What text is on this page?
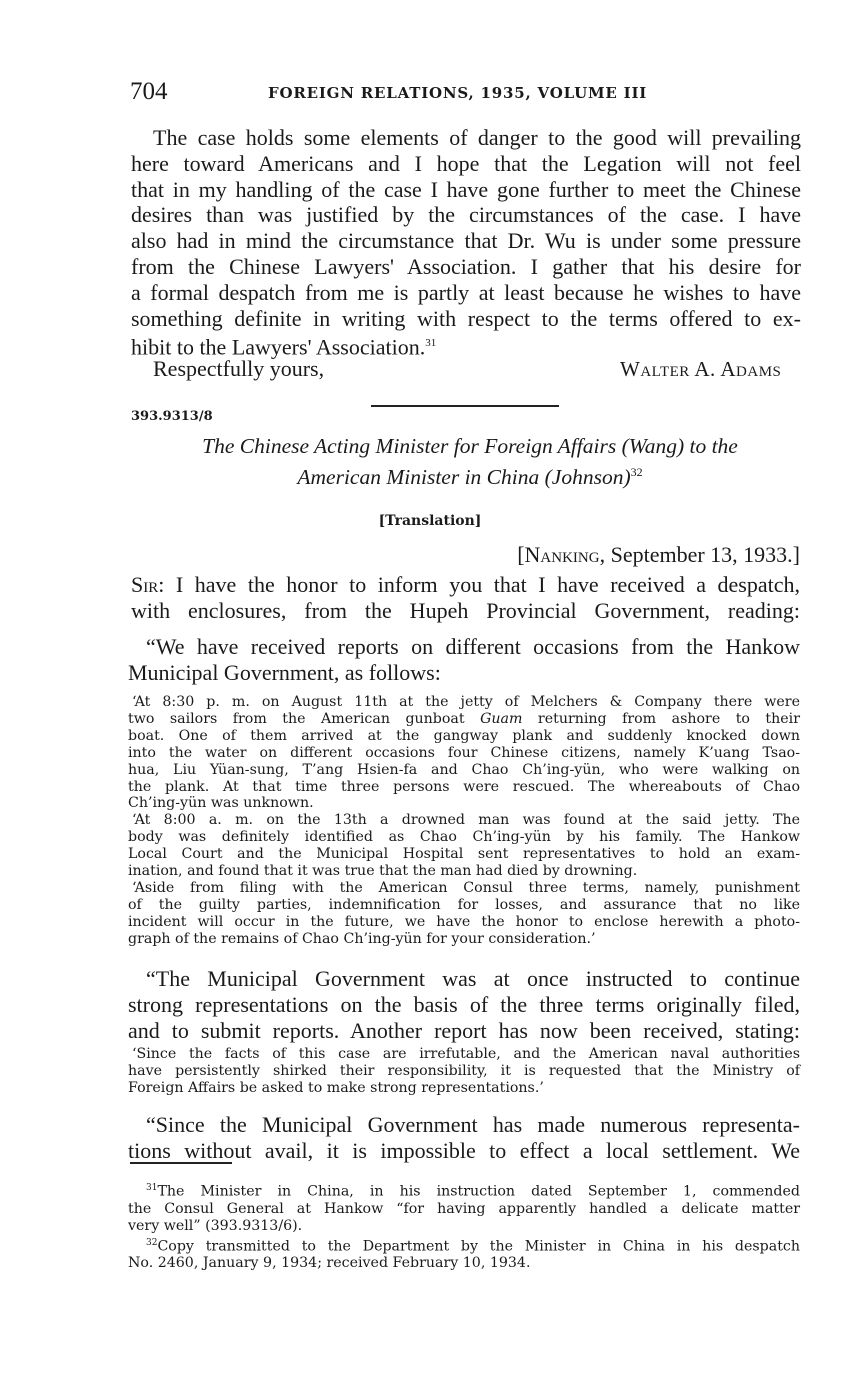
704	FOREIGN RELATIONS, 1935, VOLUME III
The case holds some elements of danger to the good will prevailing
here toward Americans and I hope that the Legation will not feel
that in my handling of the case I have gone further to meet the Chinese
desires than was justified by the circumstances of the case. I have
also had in mind the circumstance that Dr. Wu is under some pressure
from the Chinese Lawyers' Association. I gather that his desire for
a formal despatch from me is partly at least because he wishes to have
something definite in writing with respect to the terms offered to ex-
hibit to the Lawyers' Association.$^{31}$
Respectfully yours,	Walter A. Adams
393.9313/8
The Chinese Acting Minister for Foreign Affairs (Wang) to the
American Minister in China (Johnson)$^{32}$
[Translation]
[Nanking, September 13, 1933.]
Sir: I have the honor to inform you that I have received a despatch,
with enclosures, from the Hupeh Provincial Government, reading:
“We have received reports on different occasions from the Hankow
Municipal Government, as follows:
‘At 8:30 p. m. on August 11th at the jetty of Melchers & Company there were
two sailors from the American gunboat Guam returning from ashore to their
boat. One of them arrived at the gangway plank and suddenly knocked down
into the water on different occasions four Chinese citizens, namely K’uang Tsao-
hua, Liu Yüan-sung, T’ang Hsien-fa and Chao Ch’ing-yün, who were walking on
the plank. At that time three persons were rescued. The whereabouts of Chao
Ch’ing-yün was unknown.
‘At 8:00 a. m. on the 13th a drowned man was found at the said jetty. The
body was definitely identified as Chao Ch’ing-yün by his family. The Hankow
Local Court and the Municipal Hospital sent representatives to hold an exam-
ination, and found that it was true that the man had died by drowning.
‘Aside from filing with the American Consul three terms, namely, punishment
of the guilty parties, indemnification for losses, and assurance that no like
incident will occur in the future, we have the honor to enclose herewith a photo-
graph of the remains of Chao Ch’ing-yün for your consideration.’
“The Municipal Government was at once instructed to continue
strong representations on the basis of the three terms originally filed,
and to submit reports. Another report has now been received, stating:
‘Since the facts of this case are irrefutable, and the American naval authorities
have persistently shirked their responsibility, it is requested that the Ministry of
Foreign Affairs be asked to make strong representations.’
“Since the Municipal Government has made numerous representa-
tions without avail, it is impossible to effect a local settlement. We
$^{31}$The Minister in China, in his instruction dated September 1, commended
the Consul General at Hankow “for having apparently handled a delicate matter
very well” (393.9313/6).
$^{32}$Copy transmitted to the Department by the Minister in China in his despatch
No. 2460, January 9, 1934; received February 10, 1934.
